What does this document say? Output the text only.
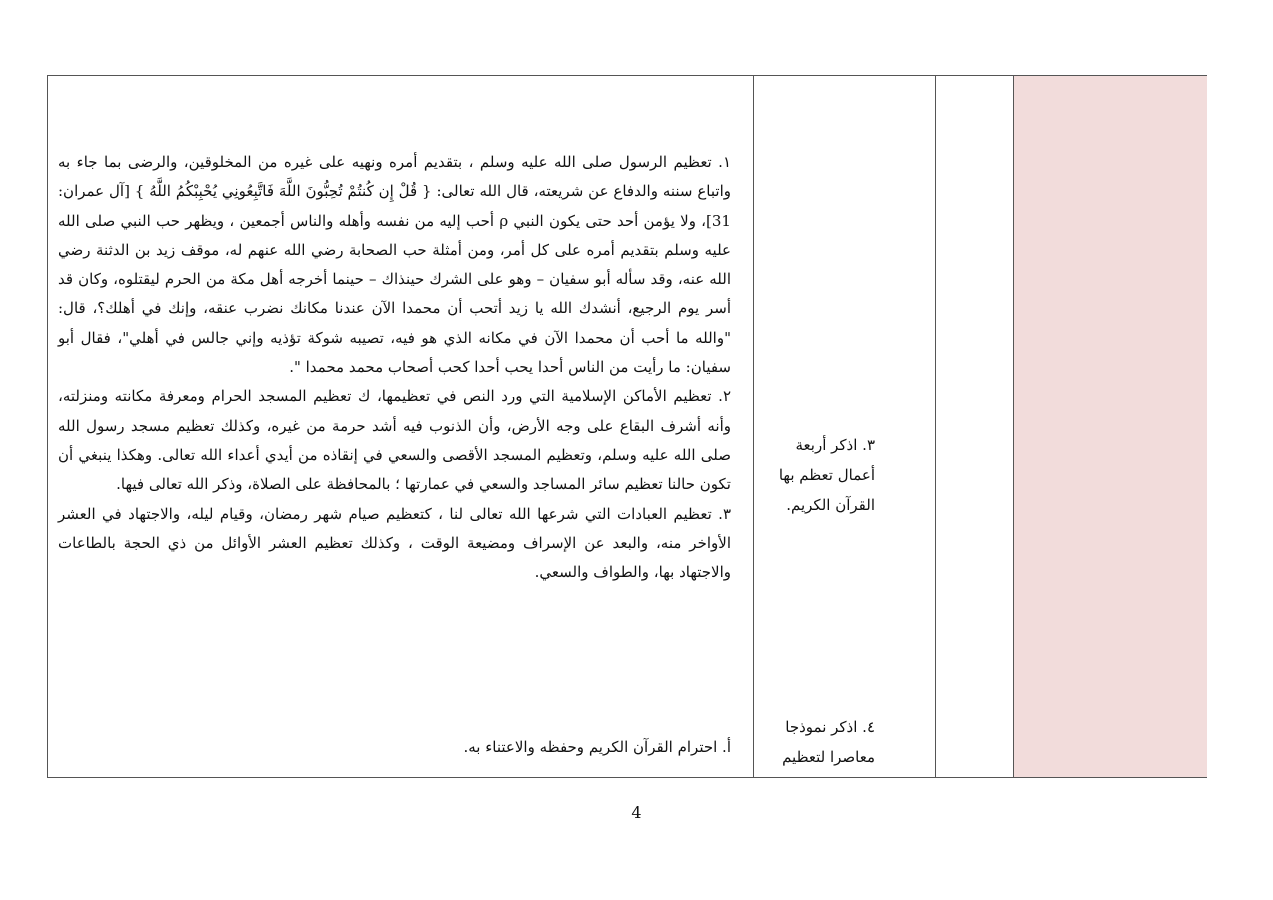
١. تعظيم الرسول صلى الله عليه وسلم ، بتقديم أمره ونهيه على غيره من المخلوقين، والرضى بما جاء به واتباع سننه والدفاع عن شريعته، قال الله تعالى: { قُلْ إِن كُنتُمْ تُحِبُّونَ اللَّهَ فَاتَّبِعُونِي يُحْبِبْكُمُ اللَّهُ } [آل عمران: 31]، ولا يؤمن أحد حتى يكون النبي ρ أحب إليه من نفسه وأهله والناس أجمعين ، ويظهر حب النبي صلى الله عليه وسلم بتقديم أمره على كل أمر، ومن أمثلة حب الصحابة رضي الله عنهم له، موقف زيد بن الدثنة رضي الله عنه، وقد سأله أبو سفيان – وهو على الشرك حينذاك – حينما أخرجه أهل مكة من الحرم ليقتلوه، وكان قد أسر يوم الرجيع، أنشدك الله يا زيد أتحب أن محمدا الآن عندنا مكانك نضرب عنقه، وإنك في أهلك؟، قال: "والله ما أحب أن محمدا الآن في مكانه الذي هو فيه، تصيبه شوكة تؤذيه وإني جالس في أهلي"، فقال أبو سفيان: ما رأيت من الناس أحدا يحب أحدا كحب أصحاب محمد محمدا ".

٢. تعظيم الأماكن الإسلامية التي ورد النص في تعظيمها، ك تعظيم المسجد الحرام ومعرفة مكانته ومنزلته، وأنه أشرف البقاع على وجه الأرض، وأن الذنوب فيه أشد حرمة من غيره، وكذلك تعظيم مسجد رسول الله صلى الله عليه وسلم، وتعظيم المسجد الأقصى والسعي في إنقاذه من أيدي أعداء الله تعالى. وهكذا ينبغي أن تكون حالنا تعظيم سائر المساجد والسعي في عمارتها ؛ بالمحافظة على الصلاة، وذكر الله تعالى فيها.

٣. تعظيم العبادات التي شرعها الله تعالى لنا ، كتعظيم صيام شهر رمضان، وقيام ليله، والاجتهاد في العشر الأواخر منه، والبعد عن الإسراف ومضيعة الوقت ، وكذلك تعظيم العشر الأوائل من ذي الحجة بالطاعات والاجتهاد بها، والطواف والسعي.

أ. احترام القرآن الكريم وحفظه والاعتناء به.
٣. اذكر أربعة أعمال تعظم بها القرآن الكريم.
٤. اذكر نموذجا معاصرا لتعظيم
4
